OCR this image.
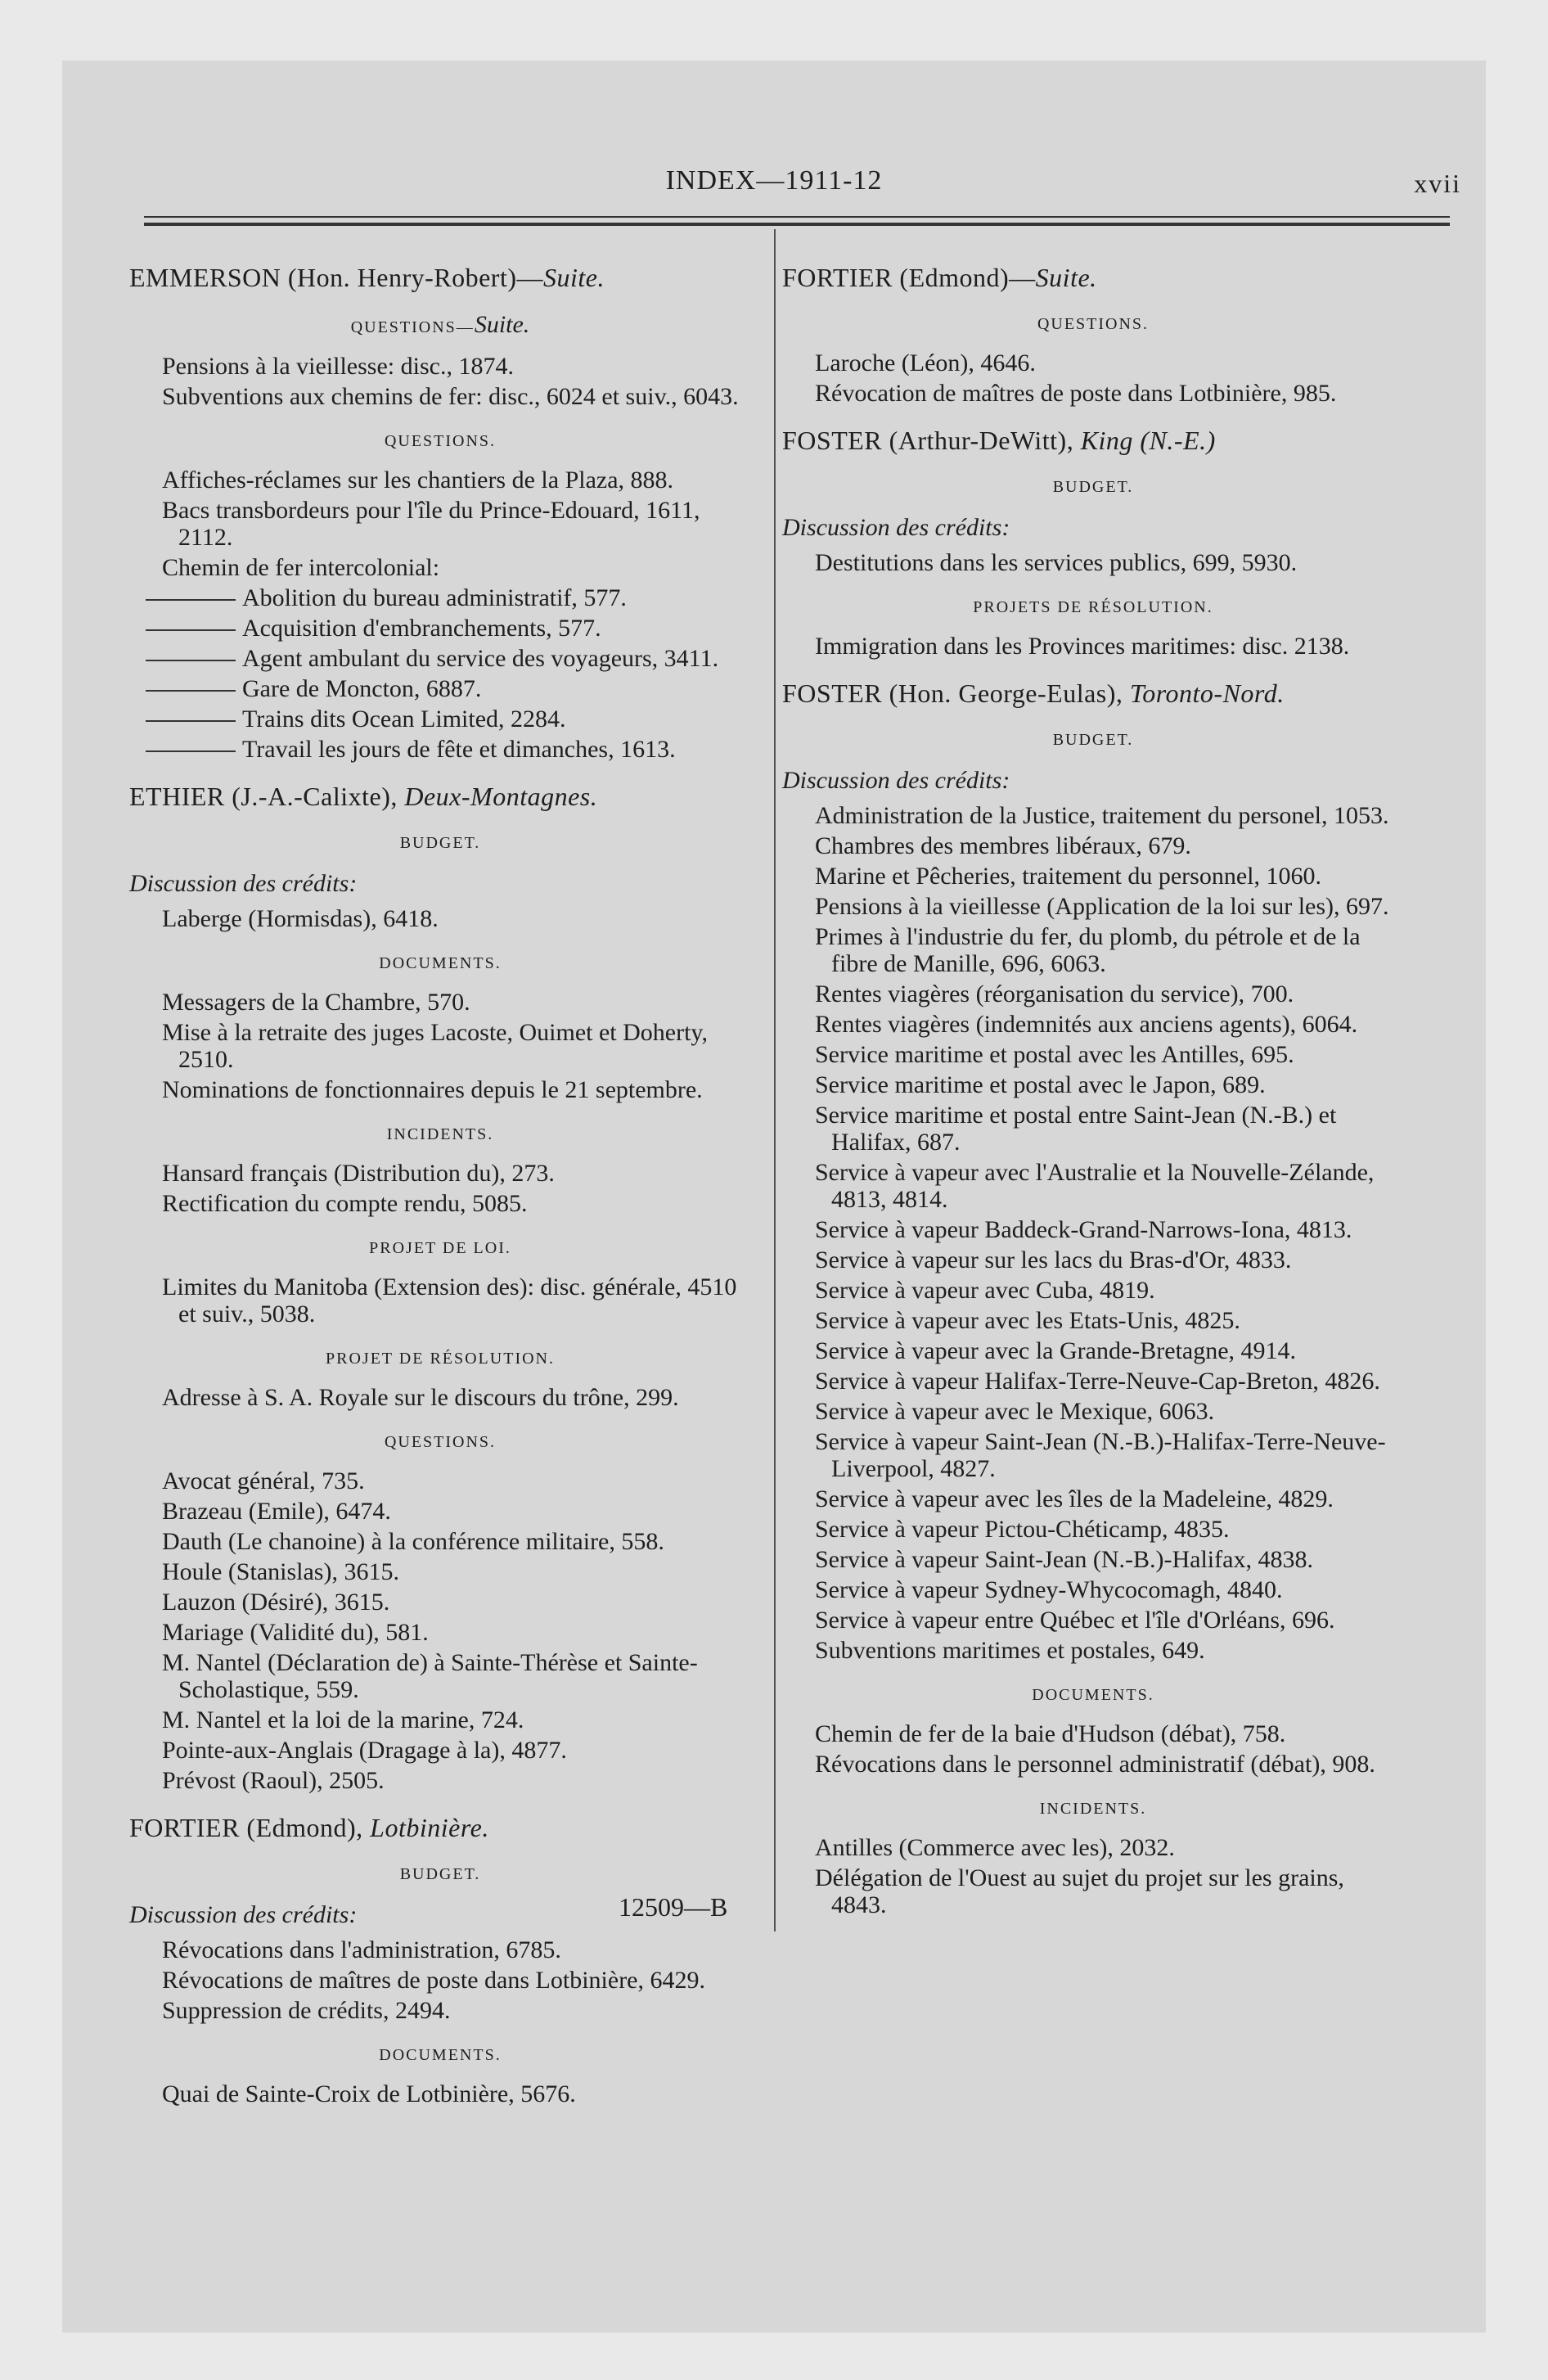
INDEX—1911-12	xvii
EMMERSON (Hon. Henry-Robert)—Suite.
QUESTIONS—Suite.
Pensions à la vieillesse: disc., 1874.
Subventions aux chemins de fer: disc., 6024 et suiv., 6043.
QUESTIONS.
Affiches-réclames sur les chantiers de la Plaza, 888.
Bacs transbordeurs pour l'île du Prince-Edouard, 1611, 2112.
Chemin de fer intercolonial:
Abolition du bureau administratif, 577.
Acquisition d'embranchements, 577.
Agent ambulant du service des voyageurs, 3411.
Gare de Moncton, 6887.
Trains dits Ocean Limited, 2284.
Travail les jours de fête et dimanches, 1613.
ETHIER (J.-A.-Calixte), Deux-Montagnes.
BUDGET.
Discussion des crédits:
Laberge (Hormisdas), 6418.
DOCUMENTS.
Messagers de la Chambre, 570.
Mise à la retraite des juges Lacoste, Ouimet et Doherty, 2510.
Nominations de fonctionnaires depuis le 21 septembre.
INCIDENTS.
Hansard français (Distribution du), 273.
Rectification du compte rendu, 5085.
PROJET DE LOI.
Limites du Manitoba (Extension des): disc. générale, 4510 et suiv., 5038.
PROJET DE RÉSOLUTION.
Adresse à S. A. Royale sur le discours du trône, 299.
QUESTIONS.
Avocat général, 735.
Brazeau (Emile), 6474.
Dauth (Le chanoine) à la conférence militaire, 558.
Houle (Stanislas), 3615.
Lauzon (Désiré), 3615.
Mariage (Validité du), 581.
M. Nantel (Déclaration de) à Sainte-Thérèse et Sainte-Scholastique, 559.
M. Nantel et la loi de la marine, 724.
Pointe-aux-Anglais (Dragage à la), 4877.
Prévost (Raoul), 2505.
FORTIER (Edmond), Lotbinière.
BUDGET.
Discussion des crédits:
Révocations dans l'administration, 6785.
Révocations de maîtres de poste dans Lotbinière, 6429.
Suppression de crédits, 2494.
DOCUMENTS.
Quai de Sainte-Croix de Lotbinière, 5676.
12509—B
FORTIER (Edmond)—Suite.
QUESTIONS.
Laroche (Léon), 4646.
Révocation de maîtres de poste dans Lotbinière, 985.
FOSTER (Arthur-DeWitt), King (N.-E.)
BUDGET.
Discussion des crédits:
Destitutions dans les services publics, 699, 5930.
PROJETS DE RÉSOLUTION.
Immigration dans les Provinces maritimes: disc. 2138.
FOSTER (Hon. George-Eulas), Toronto-Nord.
BUDGET.
Discussion des crédits:
Administration de la Justice, traitement du personel, 1053.
Chambres des membres libéraux, 679.
Marine et Pêcheries, traitement du personnel, 1060.
Pensions à la vieillesse (Application de la loi sur les), 697.
Primes à l'industrie du fer, du plomb, du pétrole et de la fibre de Manille, 696, 6063.
Rentes viagères (réorganisation du service), 700.
Rentes viagères (indemnités aux anciens agents), 6064.
Service maritime et postal avec les Antilles, 695.
Service maritime et postal avec le Japon, 689.
Service maritime et postal entre Saint-Jean (N.-B.) et Halifax, 687.
Service à vapeur avec l'Australie et la Nouvelle-Zélande, 4813, 4814.
Service à vapeur Baddeck-Grand-Narrows-Iona, 4813.
Service à vapeur sur les lacs du Bras-d'Or, 4833.
Service à vapeur avec Cuba, 4819.
Service à vapeur avec les Etats-Unis, 4825.
Service à vapeur avec la Grande-Bretagne, 4914.
Service à vapeur Halifax-Terre-Neuve-Cap-Breton, 4826.
Service à vapeur avec le Mexique, 6063.
Service à vapeur Saint-Jean (N.-B.)-Halifax-Terre-Neuve-Liverpool, 4827.
Service à vapeur avec les îles de la Madeleine, 4829.
Service à vapeur Pictou-Chéticamp, 4835.
Service à vapeur Saint-Jean (N.-B.)-Halifax, 4838.
Service à vapeur Sydney-Whycocomagh, 4840.
Service à vapeur entre Québec et l'île d'Orléans, 696.
Subventions maritimes et postales, 649.
DOCUMENTS.
Chemin de fer de la baie d'Hudson (débat), 758.
Révocations dans le personnel administratif (débat), 908.
INCIDENTS.
Antilles (Commerce avec les), 2032.
Délégation de l'Ouest au sujet du projet sur les grains, 4843.
